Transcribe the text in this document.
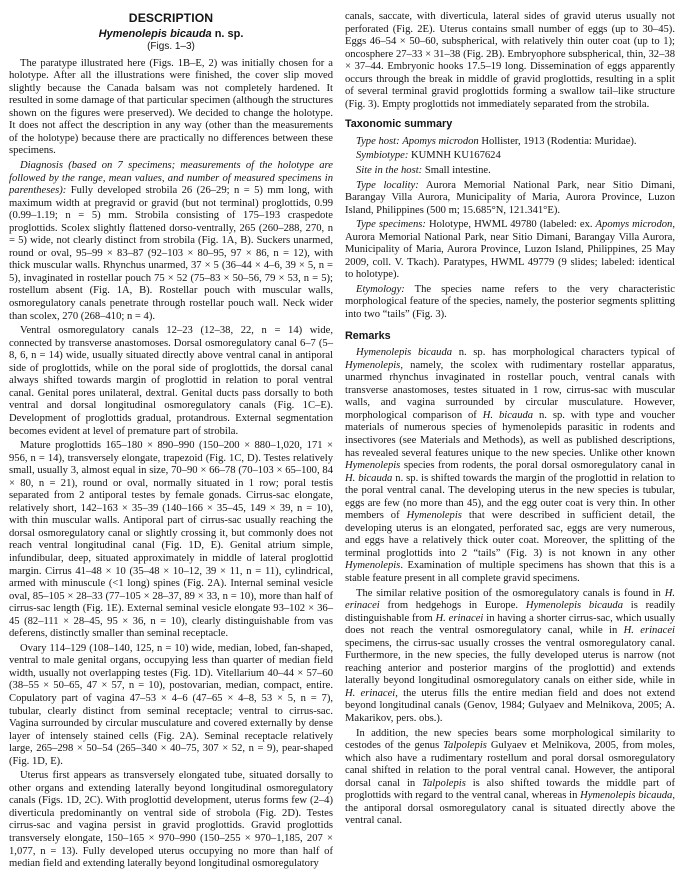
DESCRIPTION
Hymenolepis bicauda n. sp.
(Figs. 1–3)

The paratype illustrated here (Figs. 1B–E, 2) was initially chosen for a holotype. After all the illustrations were finished, the cover slip moved slightly because the Canada balsam was not completely hardened. It resulted in some damage of that particular specimen (although the structures shown on the figures were preserved). We decided to change the holotype. It does not affect the description in any way (other than the measurements of the holotype) because there are practically no differences between these specimens.

Diagnosis (based on 7 specimens; measurements of the holotype are followed by the range, mean values, and number of measured specimens in parentheses): Fully developed strobila 26 (26–29; n = 5) mm long, with maximum width at pregravid or gravid (but not terminal) proglottids, 0.99 (0.99–1.19; n = 5) mm. Strobila consisting of 175–193 craspedote proglottids. Scolex slightly flattened dorso-ventrally, 265 (260–288, 270, n = 5) wide, not clearly distinct from strobila (Fig. 1A, B). Suckers unarmed, round or oval, 95–99 × 83–87 (92–103 × 80–95, 97 × 86, n = 12), with thick muscular walls. Rhynchus unarmed, 37 × 5 (36–44 × 4–6, 39 × 5, n = 5), invaginated in rostellar pouch 75 × 52 (75–83 × 50–56, 79 × 53, n = 5); rostellum absent (Fig. 1A, B). Rostellar pouch with muscular walls, osmoregulatory canals penetrate through rostellar pouch wall. Neck wider than scolex, 270 (268–410; n = 4).

Ventral osmoregulatory canals 12–23 (12–38, 22, n = 14) wide, connected by transverse anastomoses. Dorsal osmoregulatory canal 6–7 (5–8, 6, n = 14) wide, usually situated directly above ventral canal in antiporal side of proglottids, while on the poral side of proglottids, the dorsal canal always shifted towards margin of proglottid in relation to poral ventral canal. Genital pores unilateral, dextral. Genital ducts pass dorsally to both ventral and dorsal longitudinal osmoregulatory canals (Fig. 1C–E). Development of proglottids gradual, protandrous. External segmentation becomes evident at level of premature part of strobila.

Mature proglottids 165–180 × 890–990 (150–200 × 880–1,020, 171 × 956, n = 14), transversely elongate, trapezoid (Fig. 1C, D). Testes relatively small, usually 3, almost equal in size, 70–90 × 66–78 (70–103 × 65–100, 84 × 80, n = 21), round or oval, normally situated in 1 row; poral testis separated from 2 antiporal testes by female gonads. Cirrus-sac elongate, relatively short, 142–163 × 35–39 (140–166 × 35–45, 149 × 39, n = 10), with thin muscular walls. Antiporal part of cirrus-sac usually reaching the dorsal osmoregulatory canal or slightly crossing it, but commonly does not reach ventral longitudinal canal (Fig. 1D, E). Genital atrium simple, infundibular, deep, situated approximately in middle of lateral proglottid margin. Cirrus 41–48 × 10 (35–48 × 10–12, 39 × 11, n = 11), cylindrical, armed with minuscule (<1 long) spines (Fig. 2A). Internal seminal vesicle oval, 85–105 × 28–33 (77–105 × 28–37, 89 × 33, n = 10), more than half of cirrus-sac length (Fig. 1E). External seminal vesicle elongate 93–102 × 36–45 (82–111 × 28–45, 95 × 36, n = 10), clearly distinguishable from vas deferens, distinctly smaller than seminal receptacle.

Ovary 114–129 (108–140, 125, n = 10) wide, median, lobed, fan-shaped, ventral to male genital organs, occupying less than quarter of median field width, usually not overlapping testes (Fig. 1D). Vitellarium 40–44 × 57–60 (38–55 × 50–65, 47 × 57, n = 10), postovarian, median, compact, entire. Copulatory part of vagina 47–53 × 4–6 (47–65 × 4–8, 53 × 5, n = 7), tubular, clearly distinct from seminal receptacle; ventral to cirrus-sac. Vagina surrounded by circular musculature and covered externally by dense layer of intensely stained cells (Fig. 2A). Seminal receptacle relatively large, 265–298 × 50–54 (265–340 × 40–75, 307 × 52, n = 9), pear-shaped (Fig. 1D, E).

Uterus first appears as transversely elongated tube, situated dorsally to other organs and extending laterally beyond longitudinal osmoregulatory canals (Figs. 1D, 2C). With proglottid development, uterus forms few (2–4) diverticula predominantly on ventral side of strobola (Fig. 2D). Testes cirrus-sac and vagina persist in gravid proglottids. Gravid proglottids transversely elongate, 150–165 × 970–990 (150–255 × 970–1,185, 207 × 1,077, n = 13). Fully developed uterus occupying no more than half of median field and extending laterally beyond longitudinal osmoregulatory

canals, saccate, with diverticula, lateral sides of gravid uterus usually not perforated (Fig. 2E). Uterus contains small number of eggs (up to 30–45). Eggs 46–54 × 50–60, subspherical, with relatively thin outer coat (up to 1); oncosphere 27–33 × 31–38 (Fig. 2B). Embryophore subspherical, thin, 32–38 × 37–44. Embryonic hooks 17.5–19 long. Dissemination of eggs apparently occurs through the break in middle of gravid proglottids, resulting in a split of several terminal gravid proglottids forming a swallow tail–like structure (Fig. 3). Empty proglottids not immediately separated from the strobila.

Taxonomic summary

Type host: Apomys microdon Hollister, 1913 (Rodentia: Muridae).

Symbiotype: KUMNH KU167624

Site in the host: Small intestine.

Type locality: Aurora Memorial National Park, near Sitio Dimani, Barangay Villa Aurora, Municipality of Maria, Aurora Province, Luzon Island, Philippines (500 m; 15.685°N, 121.341°E).

Type specimens: Holotype, HWML 49780 (labeled: ex. Apomys microdon, Aurora Memorial National Park, near Sitio Dimani, Barangay Villa Aurora, Municipality of Maria, Aurora Province, Luzon Island, Philippines, 25 May 2009, coll. V. Tkach). Paratypes, HWML 49779 (9 slides; labeled: identical to holotype).

Etymology: The species name refers to the very characteristic morphological feature of the species, namely, the posterior segments splitting into two “tails” (Fig. 3).

Remarks

Hymenolepis bicauda n. sp. has morphological characters typical of Hymenolepis, namely, the scolex with rudimentary rostellar apparatus, unarmed rhynchus invaginated in rostellar pouch, ventral canals with transverse anastomoses, testes situated in 1 row, cirrus-sac with muscular walls, and vagina surrounded by circular musculature. However, morphological comparison of H. bicauda n. sp. with type and voucher materials of numerous species of hymenolepids parasitic in rodents and insectivores (see Materials and Methods), as well as published descriptions, has revealed several features unique to the new species. Unlike other known Hymenolepis species from rodents, the poral dorsal osmoregulatory canal in H. bicauda n. sp. is shifted towards the margin of the proglottid in relation to the poral ventral canal. The developing uterus in the new species is tubular, eggs are few (no more than 45), and the egg outer coat is very thin. In other members of Hymenolepis that were described in sufficient detail, the developing uterus is an elongated, perforated sac, eggs are very numerous, and eggs have a relatively thick outer coat. Moreover, the splitting of the terminal proglottids into 2 “tails” (Fig. 3) is not known in any other Hymenolepis. Examination of multiple specimens has shown that this is a stable feature present in all complete gravid specimens.

The similar relative position of the osmoregulatory canals is found in H. erinacei from hedgehogs in Europe. Hymenolepis bicauda is readily distinguishable from H. erinacei in having a shorter cirrus-sac, which usually does not reach the ventral osmoregulatory canal, while in H. erinacei specimens, the cirrus-sac usually crosses the ventral osmoregulatory canal. Furthermore, in the new species, the fully developed uterus is narrow (not reaching anterior and posterior margins of the proglottid) and extends laterally beyond longitudinal osmoregulatory canals on either side, while in H. erinacei, the uterus fills the entire median field and does not extend beyond longitudinal canals (Genov, 1984; Gulyaev and Melnikova, 2005; A. Makarikov, pers. obs.).

In addition, the new species bears some morphological similarity to cestodes of the genus Talpolepis Gulyaev et Melnikova, 2005, from moles, which also have a rudimentary rostellum and poral dorsal osmoregulatory canal shifted in relation to the poral ventral canal. However, the antiporal dorsal canal in Talpolepis is also shifted towards the middle part of proglottids with regard to the ventral canal, whereas in Hymenolepis bicauda, the antiporal dorsal osmoregulatory canal is situated directly above the ventral canal.
